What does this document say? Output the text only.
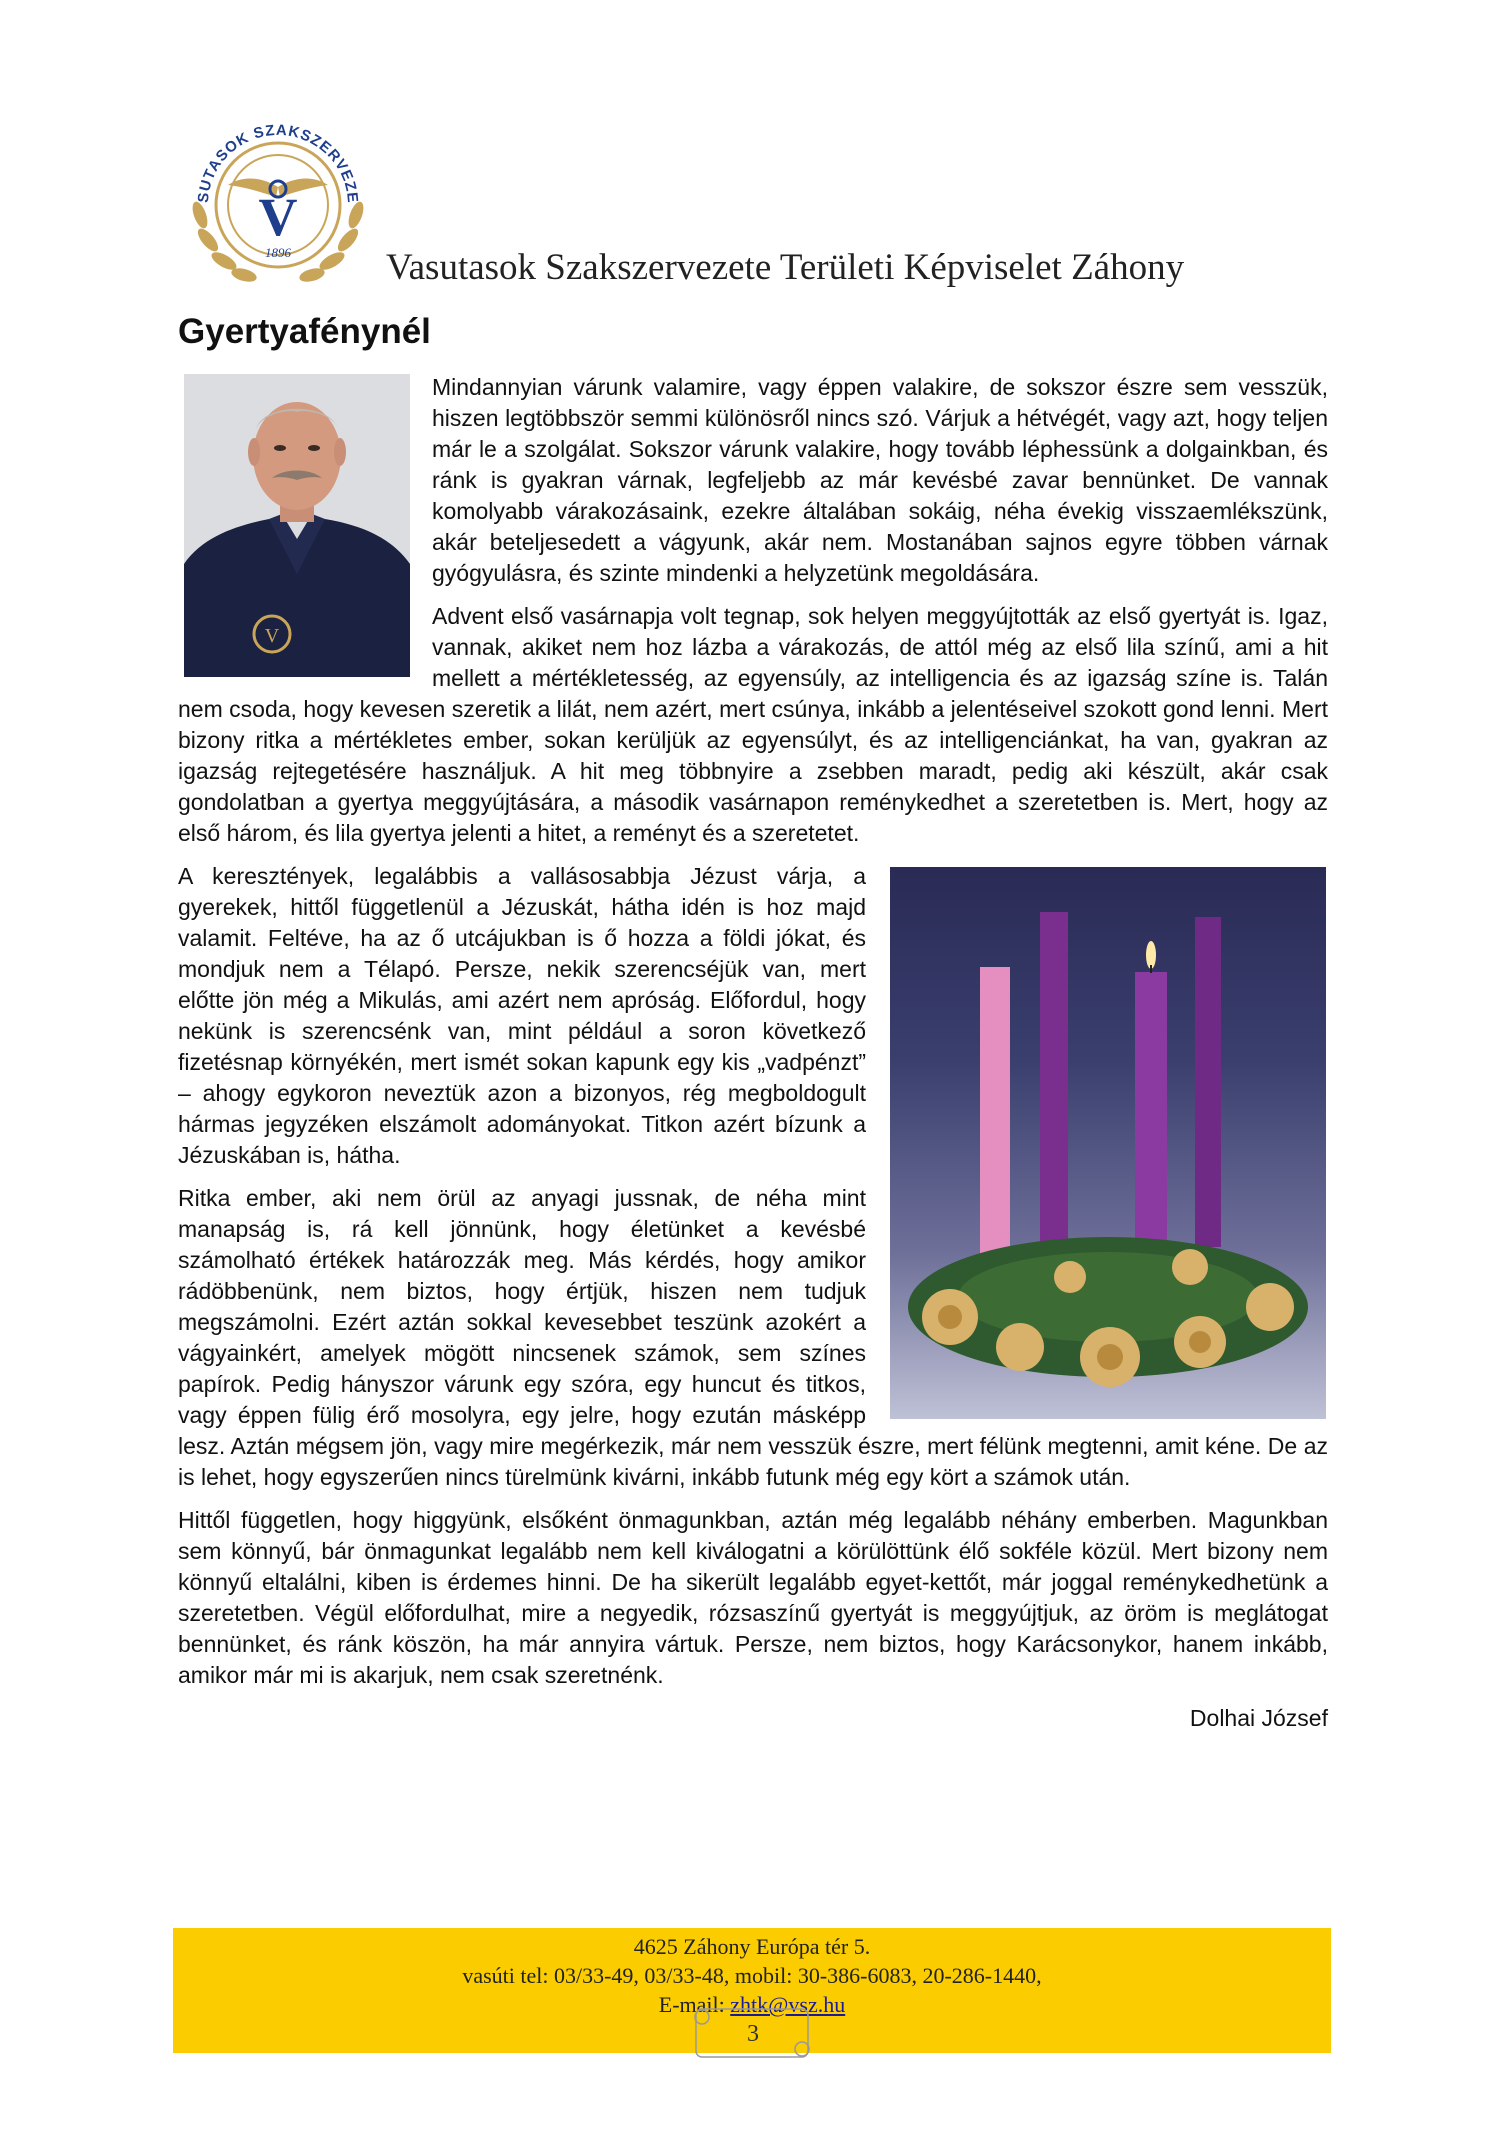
SUTASOK SZAKSZERVEZE
V
1896	Vasutasok Szakszervezete Területi Képviselet Záhony
Gyertyafénynél
V

Mindannyian várunk valamire, vagy éppen valakire, de sokszor észre sem vesszük, hiszen legtöbbször semmi különösről nincs szó. Várjuk a hétvégét, vagy azt, hogy teljen már le a szolgálat. Sokszor várunk valakire, hogy tovább léphessünk a dolgainkban, és ránk is gyakran várnak, legfeljebb az már kevésbé zavar bennünket. De vannak komolyabb várakozásaink, ezekre általában sokáig, néha évekig visszaemlékszünk, akár beteljesedett a vágyunk, akár nem. Mostanában sajnos egyre többen várnak gyógyulásra, és szinte mindenki a helyzetünk megoldására.

Advent első vasárnapja volt tegnap, sok helyen meggyújtották az első gyertyát is. Igaz, vannak, akiket nem hoz lázba a várakozás, de attól még az első lila színű, ami a hit mellett a mértékletesség, az egyensúly, az intelligencia és az igazság színe is. Talán nem csoda, hogy kevesen szeretik a lilát, nem azért, mert csúnya, inkább a jelentéseivel szokott gond lenni. Mert bizony ritka a mértékletes ember, sokan kerüljük az egyensúlyt, és az intelligenciánkat, ha van, gyakran az igazság rejtegetésére használjuk. A hit meg többnyire a zsebben maradt, pedig aki készült, akár csak gondolatban a gyertya meggyújtására, a második vasárnapon reménykedhet a szeretetben is. Mert, hogy az első három, és lila gyertya jelenti a hitet, a reményt és a szeretetet.

A keresztények, legalábbis a vallásosabbja Jézust várja, a gyerekek, hittől függetlenül a Jézuskát, hátha idén is hoz majd valamit. Feltéve, ha az ő utcájukban is ő hozza a földi jókat, és mondjuk nem a Télapó. Persze, nekik szerencséjük van, mert előtte jön még a Mikulás, ami azért nem apróság. Előfordul, hogy nekünk is szerencsénk van, mint például a soron következő fizetésnap környékén, mert ismét sokan kapunk egy kis „vadpénzt” – ahogy egykoron neveztük azon a bizonyos, rég megboldogult hármas jegyzéken elszámolt adományokat. Titkon azért bízunk a Jézuskában is, hátha.

Ritka ember, aki nem örül az anyagi jussnak, de néha mint manapság is, rá kell jönnünk, hogy életünket a kevésbé számolható értékek határozzák meg. Más kérdés, hogy amikor rádöbbenünk, nem biztos, hogy értjük, hiszen nem tudjuk megszámolni. Ezért aztán sokkal kevesebbet teszünk azokért a vágyainkért, amelyek mögött nincsenek számok, sem színes papírok. Pedig hányszor várunk egy szóra, egy huncut és titkos, vagy éppen fülig érő mosolyra, egy jelre, hogy ezután másképp lesz. Aztán mégsem jön, vagy mire megérkezik, már nem vesszük észre, mert félünk megtenni, amit kéne. De az is lehet, hogy egyszerűen nincs türelmünk kivárni, inkább futunk még egy kört a számok után.

Hittől független, hogy higgyünk, elsőként önmagunkban, aztán még legalább néhány emberben. Magunkban sem könnyű, bár önmagunkat legalább nem kell kiválogatni a körülöttünk élő sokféle közül. Mert bizony nem könnyű eltalálni, kiben is érdemes hinni. De ha sikerült legalább egyet-kettőt, már joggal reménykedhetünk a szeretetben. Végül előfordulhat, mire a negyedik, rózsaszínű gyertyát is meggyújtjuk, az öröm is meglátogat bennünket, és ránk köszön, ha már annyira vártuk. Persze, nem biztos, hogy Karácsonykor, hanem inkább, amikor már mi is akarjuk, nem csak szeretnénk.

Dolhai József
4625 Záhony Európa tér 5.
vasúti tel: 03/33-49, 03/33-48, mobil: 30-386-6083, 20-286-1440,
E-mail: zhtk@vsz.hu
3
